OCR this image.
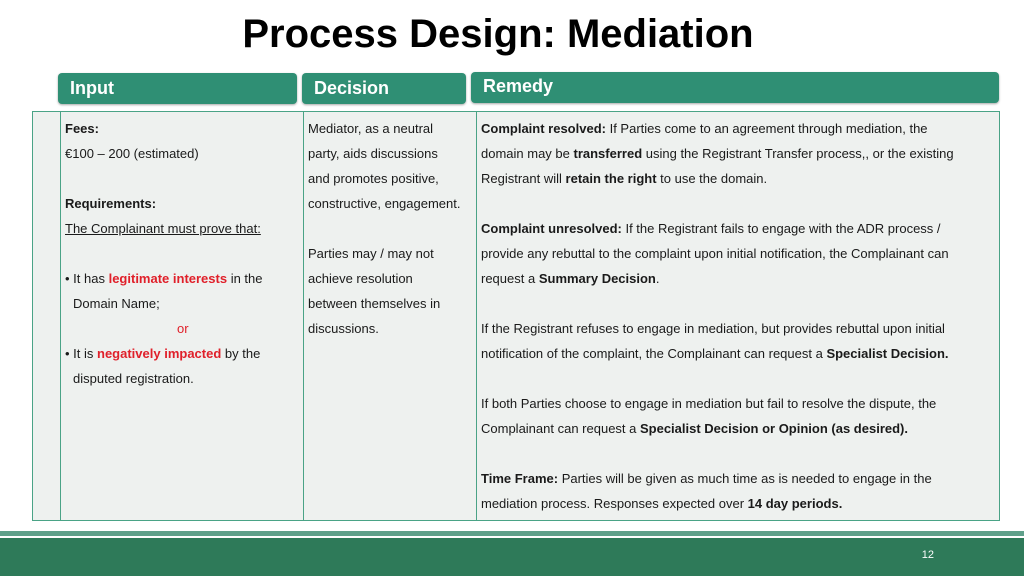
Process Design: Mediation
Input	Decision	Remedy
Fees:
€100 – 200 (estimated)
Requirements:
The Complainant must prove that:
• It has legitimate interests in the
Domain Name;
or
• It is negatively impacted by the
disputed registration.
Mediator, as a neutral
party, aids discussions
and promotes positive,
constructive, engagement.
Parties may / may not
achieve resolution
between themselves in
discussions.
Complaint resolved: If Parties come to an agreement through mediation, the
domain may be transferred using the Registrant Transfer process,, or the existing
Registrant will retain the right to use the domain.
Complaint unresolved: If the Registrant fails to engage with the ADR process /
provide any rebuttal to the complaint upon initial notification, the Complainant can
request a Summary Decision.
If the Registrant refuses to engage in mediation, but provides rebuttal upon initial
notification of the complaint, the Complainant can request a Specialist Decision.
If both Parties choose to engage in mediation but fail to resolve the dispute, the
Complainant can request a Specialist Decision or Opinion (as desired).
Time Frame: Parties will be given as much time as is needed to engage in the
mediation process. Responses expected over 14 day periods.
12
